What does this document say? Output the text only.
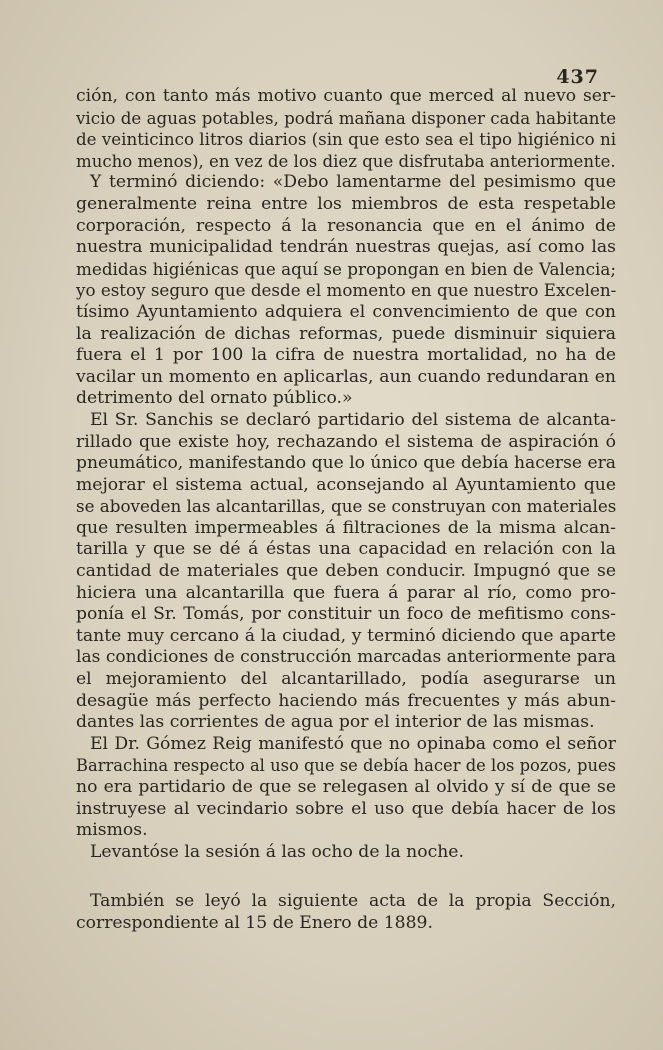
437
ción, con tanto más motivo cuanto que merced al nuevo ser-
vicio de aguas potables, podrá mañana disponer cada habitante
de veinticinco litros diarios (sin que esto sea el tipo higiénico ni
mucho menos), en vez de los diez que disfrutaba anteriormente.
Y terminó diciendo: «Debo lamentarme del pesimismo que
generalmente reina entre los miembros de esta respetable
corporación, respecto á la resonancia que en el ánimo de
nuestra municipalidad tendrán nuestras quejas, así como las
medidas higiénicas que aquí se propongan en bien de Valencia;
yo estoy seguro que desde el momento en que nuestro Excelen-
tísimo Ayuntamiento adquiera el convencimiento de que con
la realización de dichas reformas, puede disminuir siquiera
fuera el 1 por 100 la cifra de nuestra mortalidad, no ha de
vacilar un momento en aplicarlas, aun cuando redundaran en
detrimento del ornato público.»
El Sr. Sanchis se declaró partidario del sistema de alcanta-
rillado que existe hoy, rechazando el sistema de aspiración ó
pneumático, manifestando que lo único que debía hacerse era
mejorar el sistema actual, aconsejando al Ayuntamiento que
se aboveden las alcantarillas, que se construyan con materiales
que resulten impermeables á filtraciones de la misma alcan-
tarilla y que se dé á éstas una capacidad en relación con la
cantidad de materiales que deben conducir. Impugnó que se
hiciera una alcantarilla que fuera á parar al río, como pro-
ponía el Sr. Tomás, por constituir un foco de mefitismo cons-
tante muy cercano á la ciudad, y terminó diciendo que aparte
las condiciones de construcción marcadas anteriormente para
el mejoramiento del alcantarillado, podía asegurarse un
desagüe más perfecto haciendo más frecuentes y más abun-
dantes las corrientes de agua por el interior de las mismas.
El Dr. Gómez Reig manifestó que no opinaba como el señor
Barrachina respecto al uso que se debía hacer de los pozos, pues
no era partidario de que se relegasen al olvido y sí de que se
instruyese al vecindario sobre el uso que debía hacer de los
mismos.
Levantóse la sesión á las ocho de la noche.
También se leyó la siguiente acta de la propia Sección,
correspondiente al 15 de Enero de 1889.
